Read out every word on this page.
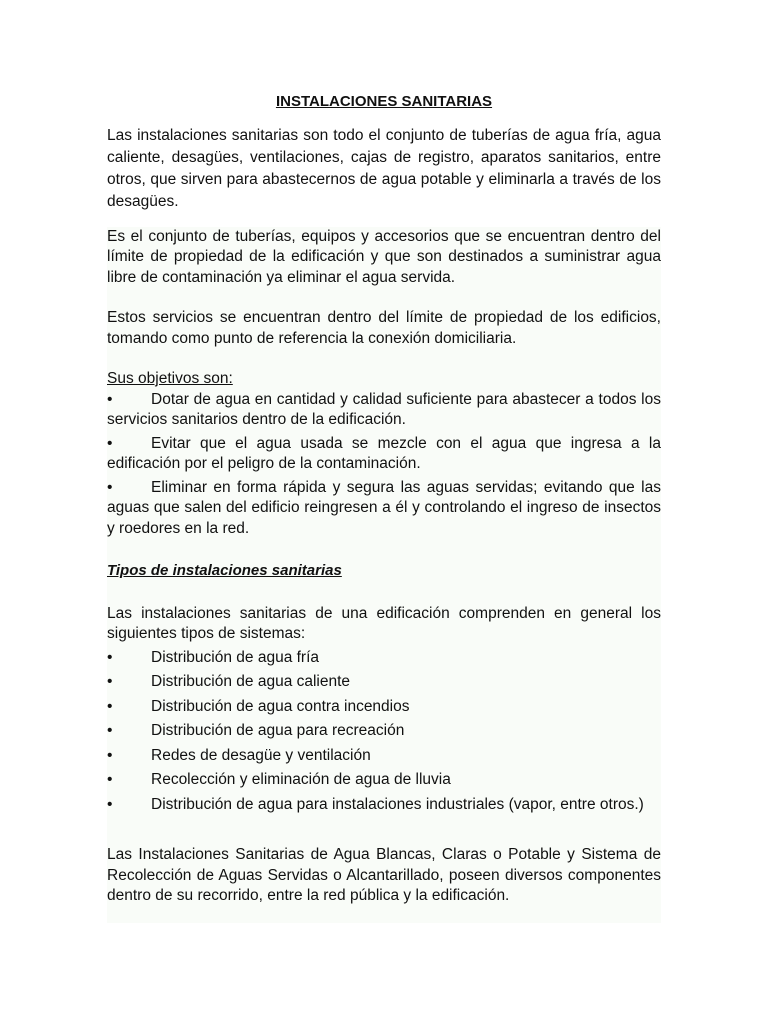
INSTALACIONES SANITARIAS

Las instalaciones sanitarias son todo el conjunto de tuberías de agua fría, agua caliente, desagües, ventilaciones, cajas de registro, aparatos sanitarios, entre otros, que sirven para abastecernos de agua potable y eliminarla a través de los desagües.

Es el conjunto de tuberías, equipos y accesorios que se encuentran dentro del límite de propiedad de la edificación y que son destinados a suministrar agua libre de contaminación ya eliminar el agua servida.

Estos servicios se encuentran dentro del límite de propiedad de los edificios, tomando como punto de referencia la conexión domiciliaria.

Sus objetivos son:
• Dotar de agua en cantidad y calidad suficiente para abastecer a todos los servicios sanitarios dentro de la edificación.
• Evitar que el agua usada se mezcle con el agua que ingresa a la edificación por el peligro de la contaminación.
• Eliminar en forma rápida y segura las aguas servidas; evitando que las aguas que salen del edificio reingresen a él y controlando el ingreso de insectos y roedores en la red.
Tipos de instalaciones sanitarias

Las instalaciones sanitarias de una edificación comprenden en general los siguientes tipos de sistemas:

• Distribución de agua fría
• Distribución de agua caliente
• Distribución de agua contra incendios
• Distribución de agua para recreación
• Redes de desagüe y ventilación
• Recolección y eliminación de agua de lluvia
• Distribución de agua para instalaciones industriales (vapor, entre otros.)

Las Instalaciones Sanitarias de Agua Blancas, Claras o Potable y Sistema de Recolección de Aguas Servidas o Alcantarillado, poseen diversos componentes dentro de su recorrido, entre la red pública y la edificación.
